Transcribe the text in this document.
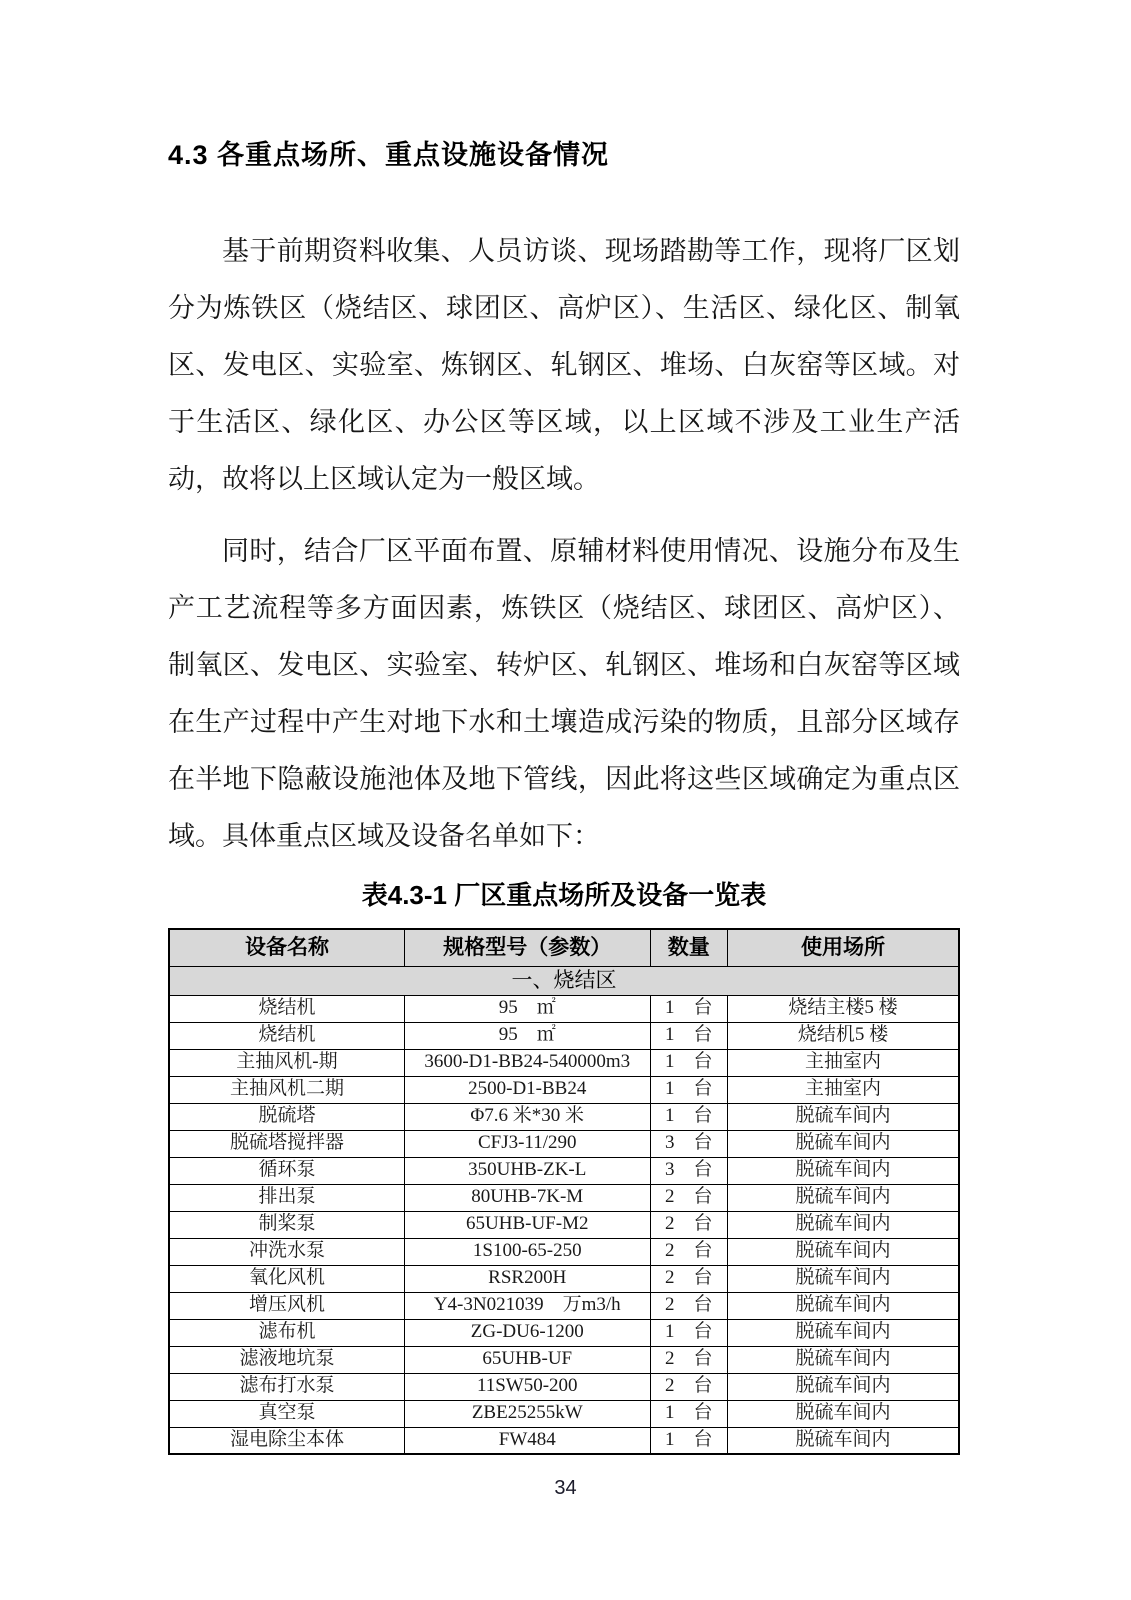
4.3 各重点场所、重点设施设备情况

基于前期资料收集、人员访谈、现场踏勘等工作，现将厂区划分为炼铁区（烧结区、球团区、高炉区）、生活区、绿化区、制氧区、发电区、实验室、炼钢区、轧钢区、堆场、白灰窑等区域。对于生活区、绿化区、办公区等区域，以上区域不涉及工业生产活动，故将以上区域认定为一般区域。

同时，结合厂区平面布置、原辅材料使用情况、设施分布及生产工艺流程等多方面因素，炼铁区（烧结区、球团区、高炉区）、制氧区、发电区、实验室、转炉区、轧钢区、堆场和白灰窑等区域在生产过程中产生对地下水和土壤造成污染的物质，且部分区域存在半地下隐蔽设施池体及地下管线，因此将这些区域确定为重点区域。具体重点区域及设备名单如下：

表4.3-1 厂区重点场所及设备一览表
设备名称	规格型号（参数）	数量	使用场所
一、烧结区			
烧结机	95　㎡	1　台	烧结主楼5 楼
烧结机	95　㎡	1　台	烧结机5 楼
主抽风机-期	3600-D1-BB24-540000m3	1　台	主抽室内
主抽风机二期	2500-D1-BB24	1　台	主抽室内
脱硫塔	Φ7.6 米*30 米	1　台	脱硫车间内
脱硫塔搅拌器	CFJ3-11/290	3　台	脱硫车间内
循环泵	350UHB-ZK-L	3　台	脱硫车间内
排出泵	80UHB-7K-M	2　台	脱硫车间内
制桨泵	65UHB-UF-M2	2　台	脱硫车间内
冲洗水泵	1S100-65-250	2　台	脱硫车间内
氧化风机	RSR200H	2　台	脱硫车间内
增压风机	Y4-3N021039　万m3/h	2　台	脱硫车间内
滤布机	ZG-DU6-1200	1　台	脱硫车间内
滤液地坑泵	65UHB-UF	2　台	脱硫车间内
滤布打水泵	11SW50-200	2　台	脱硫车间内
真空泵	ZBE25255kW	1　台	脱硫车间内
湿电除尘本体	FW484	1　台	脱硫车间内
34
